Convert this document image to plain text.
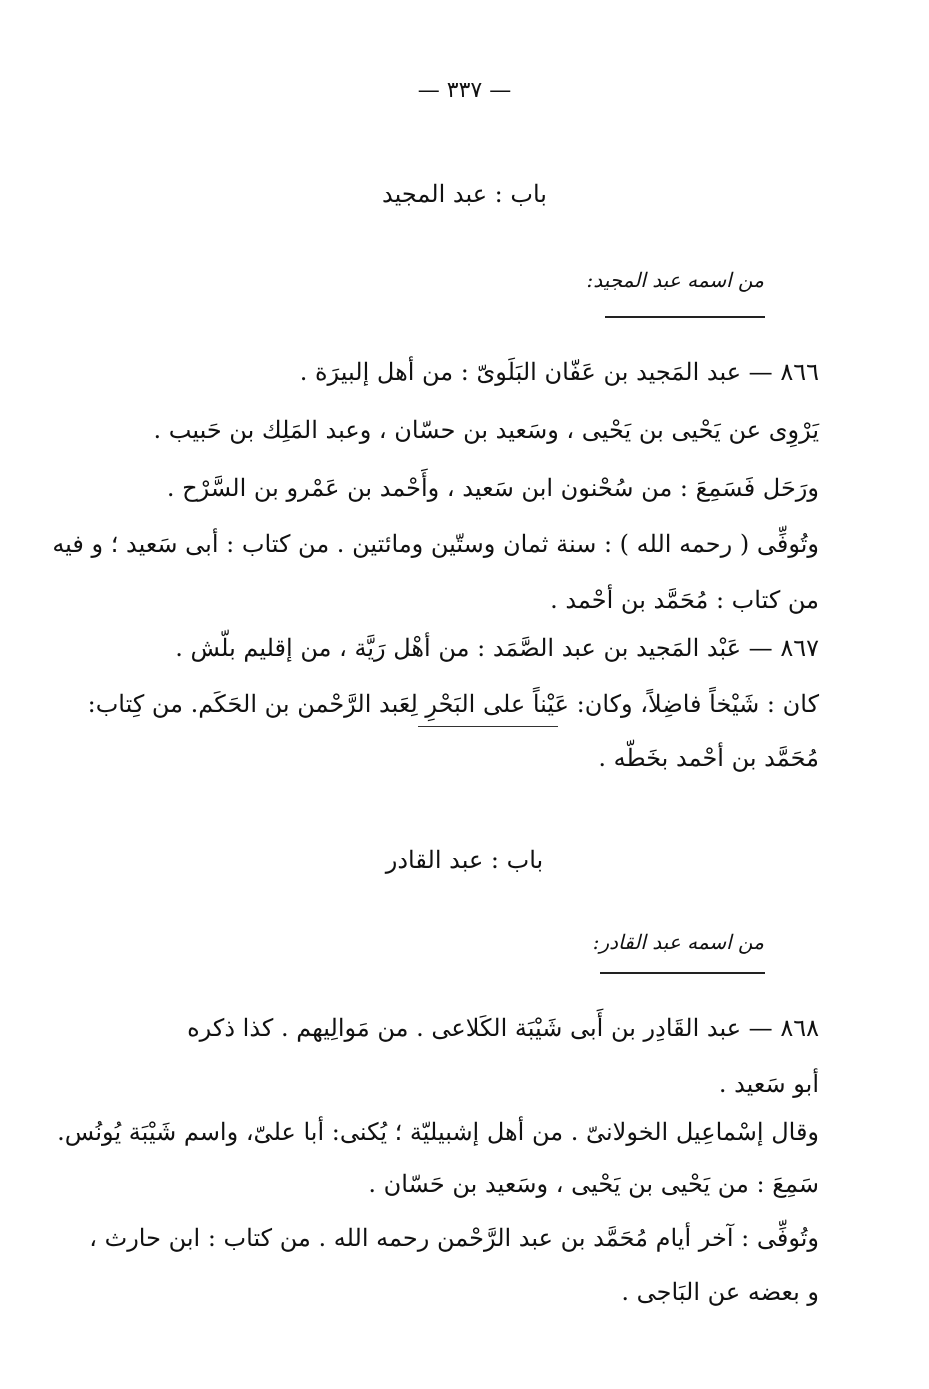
— ٣٣٧ —
باب : عبد المجيد
من اسمه عبد المجيد:
٨٦٦ — عبد المَجيد بن عَفّان البَلَوىّ : من أهل إلبيرَة .
يَرْوِى عن يَحْيى بن يَحْيى ، وسَعيد بن حسّان ، وعبد المَلِك بن حَبيب .
ورَحَل فَسَمِعَ : من سُحْنون ابن سَعيد ، وأَحْمد بن عَمْرو بن السَّرْح .
وتُوفِّى ( رحمه الله ) : سنة ثمان وستّين ومائتين . من كتاب : أبى سَعيد ؛ و فيه
من كتاب : مُحَمَّد بن أحْمد .
٨٦٧ — عَبْد المَجيد بن عبد الصَّمَد : من أهْل رَيَّة ، من إقليم بلّش .
كان : شَيْخاً فاضِلاً، وكان: عَيْناً على البَحْرِ لِعَبد الرَّحْمن بن الحَكَم. من كِتاب:
مُحَمَّد بن أحْمد بخَطّه .
باب : عبد القادر
من اسمه عبد القادر:
٨٦٨ — عبد القَادِر بن أَبى شَيْبَة الكَلاعى . من مَوالِيهم . كذا ذكره
أبو سَعيد .
وقال إسْماعِيل الخولانىّ . من أهل إشبيليّة ؛ يُكنى: أبا علىّ، واسم شَيْبَة يُونُس.
سَمِعَ : من يَحْيى بن يَحْيى ، وسَعيد بن حَسّان .
وتُوفِّى : آخر أيام مُحَمَّد بن عبد الرَّحْمن رحمه الله . من كتاب : ابن حارث ،
و بعضه عن البَاجى .
